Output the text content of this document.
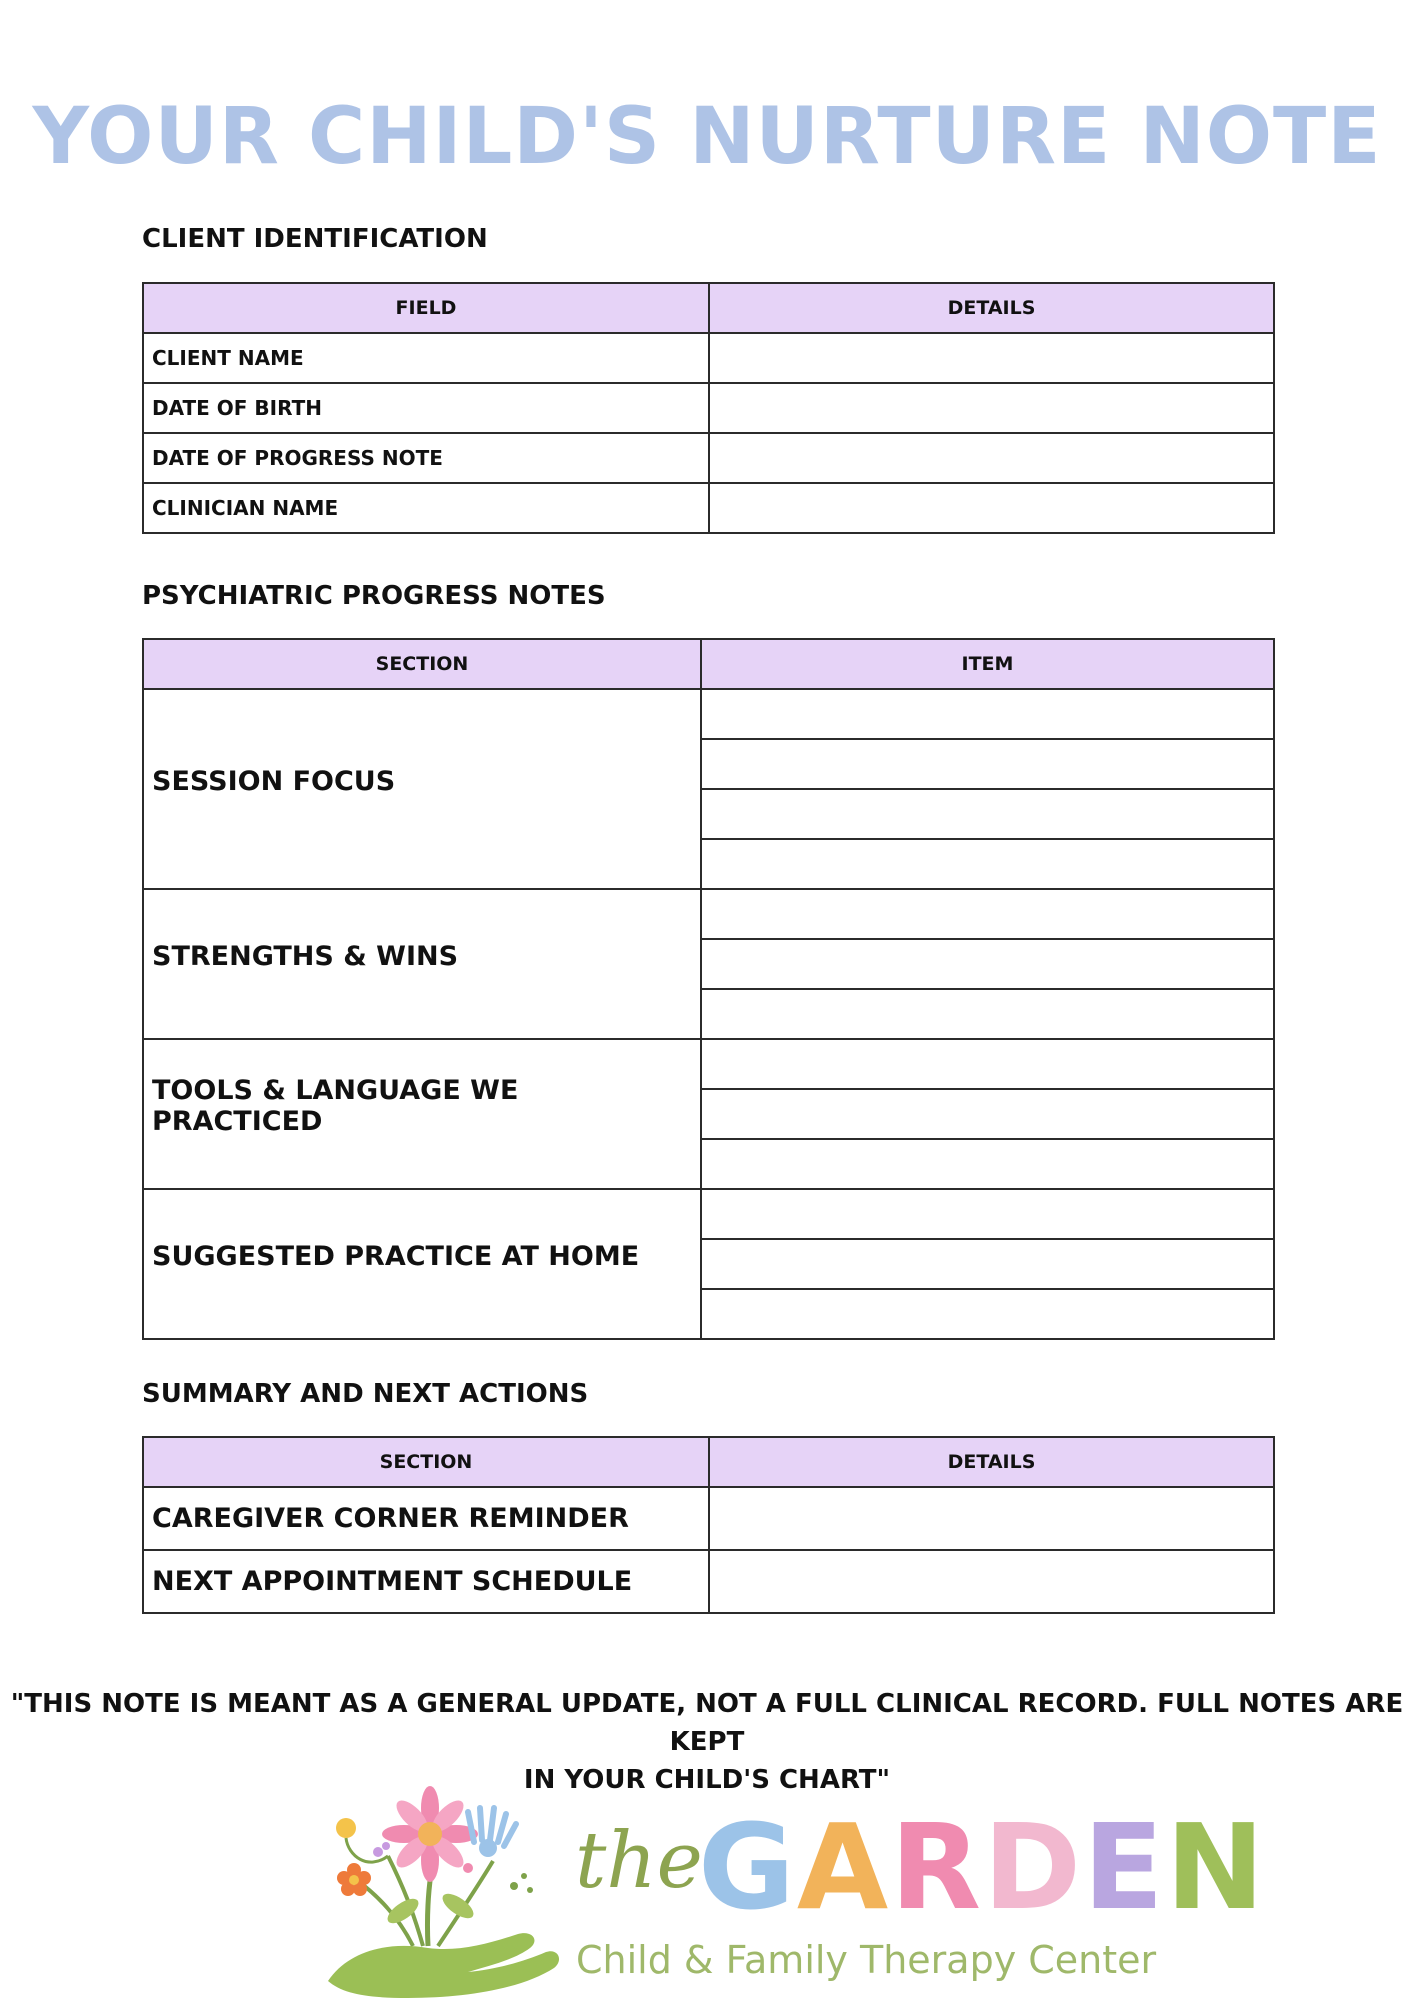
YOUR CHILD'S NURTURE NOTE
CLIENT IDENTIFICATION
FIELD	DETAILS
CLIENT NAME	
DATE OF BIRTH	
DATE OF PROGRESS NOTE	
CLINICIAN NAME	
PSYCHIATRIC PROGRESS NOTES
SECTION	ITEM
SESSION FOCUS	

STRENGTHS & WINS	

TOOLS & LANGUAGE WE PRACTICED	

SUGGESTED PRACTICE AT HOME	

SUMMARY AND NEXT ACTIONS
SECTION	DETAILS
CAREGIVER CORNER REMINDER	
NEXT APPOINTMENT SCHEDULE	
"THIS NOTE IS MEANT AS A GENERAL UPDATE, NOT A FULL CLINICAL RECORD. FULL NOTES ARE KEPT
IN YOUR CHILD'S CHART"
the
GARDEN
Child & Family Therapy Center
